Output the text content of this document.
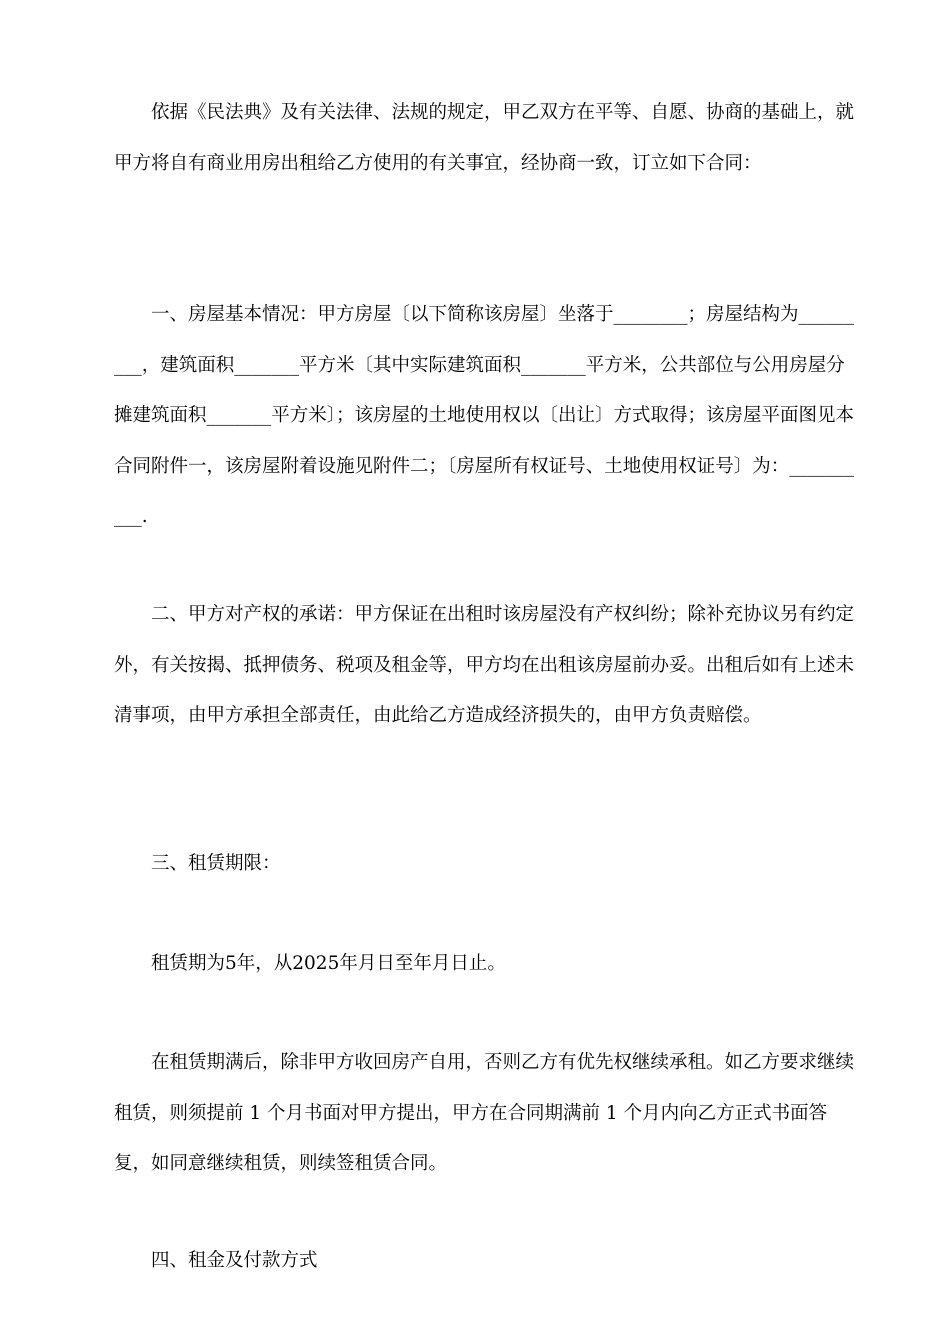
依据《民法典》及有关法律、法规的规定，甲乙双方在平等、自愿、协商的基础上，就甲方将自有商业用房出租给乙方使用的有关事宜，经协商一致，订立如下合同：

一、房屋基本情况：甲方房屋〔以下简称该房屋〕坐落于________；房屋结构为_________，建筑面积_______平方米〔其中实际建筑面积_______平方米，公共部位与公用房屋分摊建筑面积_______平方米〕；该房屋的土地使用权以〔出让〕方式取得；该房屋平面图见本合同附件一，该房屋附着设施见附件二；〔房屋所有权证号、土地使用权证号〕为：__________.

二、甲方对产权的承诺：甲方保证在出租时该房屋没有产权纠纷；除补充协议另有约定外，有关按揭、抵押债务、税项及租金等，甲方均在出租该房屋前办妥。出租后如有上述未清事项，由甲方承担全部责任，由此给乙方造成经济损失的，由甲方负责赔偿。

三、租赁期限：

租赁期为5年，从2025年月日至年月日止。

在租赁期满后，除非甲方收回房产自用，否则乙方有优先权继续承租。如乙方要求继续租赁，则须提前 1 个月书面对甲方提出，甲方在合同期满前 1 个月内向乙方正式书面答复，如同意继续租赁，则续签租赁合同。

四、租金及付款方式
